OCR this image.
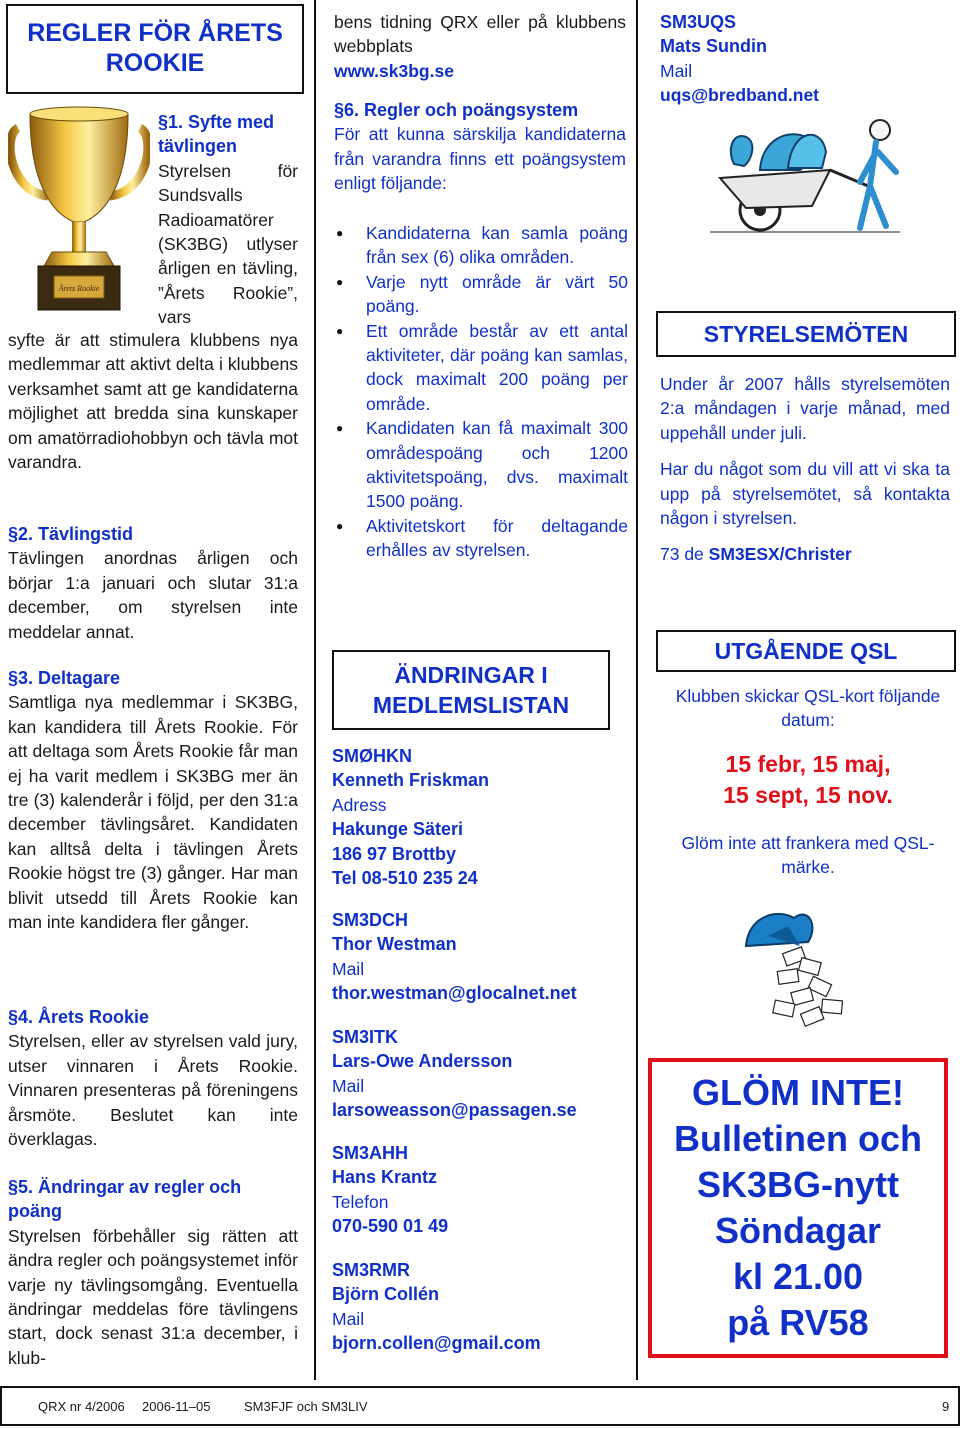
REGLER FÖR ÅRETS ROOKIE
Årets Rookie
§1. Syfte med tävlingen

Styrelsen för Sundsvalls Radioamatörer (SK3BG) utlyser årligen en tävling, ”Årets Rookie”, vars

syfte är att stimulera klubbens nya medlemmar att aktivt delta i klubbens verksamhet samt att ge kandidaterna möjlighet att bredda sina kunskaper om amatörradiohobbyn och tävla mot varandra.

§2. Tävlingstid

Tävlingen anordnas årligen och börjar 1:a januari och slutar 31:a december, om styrelsen inte meddelar annat.

§3. Deltagare

Samtliga nya medlemmar i SK3BG, kan kandidera till Årets Rookie. För att deltaga som Årets Rookie får man ej ha varit medlem i SK3BG mer än tre (3) kalenderår i följd, per den 31:a december tävlingsåret. Kandidaten kan alltså delta i tävlingen Årets Rookie högst tre (3) gånger. Har man blivit utsedd till Årets Rookie kan man inte kandidera fler gånger.

§4. Årets Rookie

Styrelsen, eller av styrelsen vald jury, utser vinnaren i Årets Rookie. Vinnaren presenteras på föreningens årsmöte. Beslutet kan inte överklagas.

§5. Ändringar av regler och poäng

Styrelsen förbehåller sig rätten att ändra regler och poängsystemet inför varje ny tävlingsomgång. Eventuella ändringar meddelas före tävlingens start, dock senast 31:a december, i klub-

bens tidning QRX eller på klubbens webbplats

www.sk3bg.se

§6. Regler och poängsystem

För att kunna särskilja kandidaterna från varandra finns ett poängsystem enligt följande:

● Kandidaterna kan samla poäng från sex (6) olika områden.
● Varje nytt område är värt 50 poäng.
● Ett område består av ett antal aktiviteter, där poäng kan samlas, dock maximalt 200 poäng per område.
● Kandidaten kan få maximalt 300 områdespoäng och 1200 aktivitetspoäng, dvs. maximalt 1500 poäng.
● Aktivitetskort för deltagande erhålles av styrelsen.
ÄNDRINGAR I MEDLEMSLISTAN
SMØHKN
Kenneth Friskman
Adress
Hakunge Säteri
186 97 Brottby
Tel 08-510 235 24
SM3DCH
Thor Westman
Mail
thor.westman@glocalnet.net
SM3ITK
Lars-Owe Andersson
Mail
larsoweasson@passagen.se
SM3AHH
Hans Krantz
Telefon
070-590 01 49
SM3RMR
Björn Collén
Mail
bjorn.collen@gmail.com

SM3UQS

Mats Sundin

Mail

uqs@bredband.net

STYRELSEMÖTEN

Under år 2007 hålls styrelsemöten 2:a måndagen i varje månad, med uppehåll under juli.

Har du något som du vill att vi ska ta upp på styrelsemötet, så kontakta någon i styrelsen.

73 de SM3ESX/Christer

UTGÅENDE QSL

Klubben skickar QSL-kort följande datum:

15 febr, 15 maj,

15 sept, 15 nov.

Glöm inte att frankera med QSL-märke.

GLÖM INTE!
Bulletinen och
SK3BG-nytt
Söndagar
kl 21.00
på RV58
QRX nr 4/2006 2006-11–05	SM3FJF och SM3LIV	9
